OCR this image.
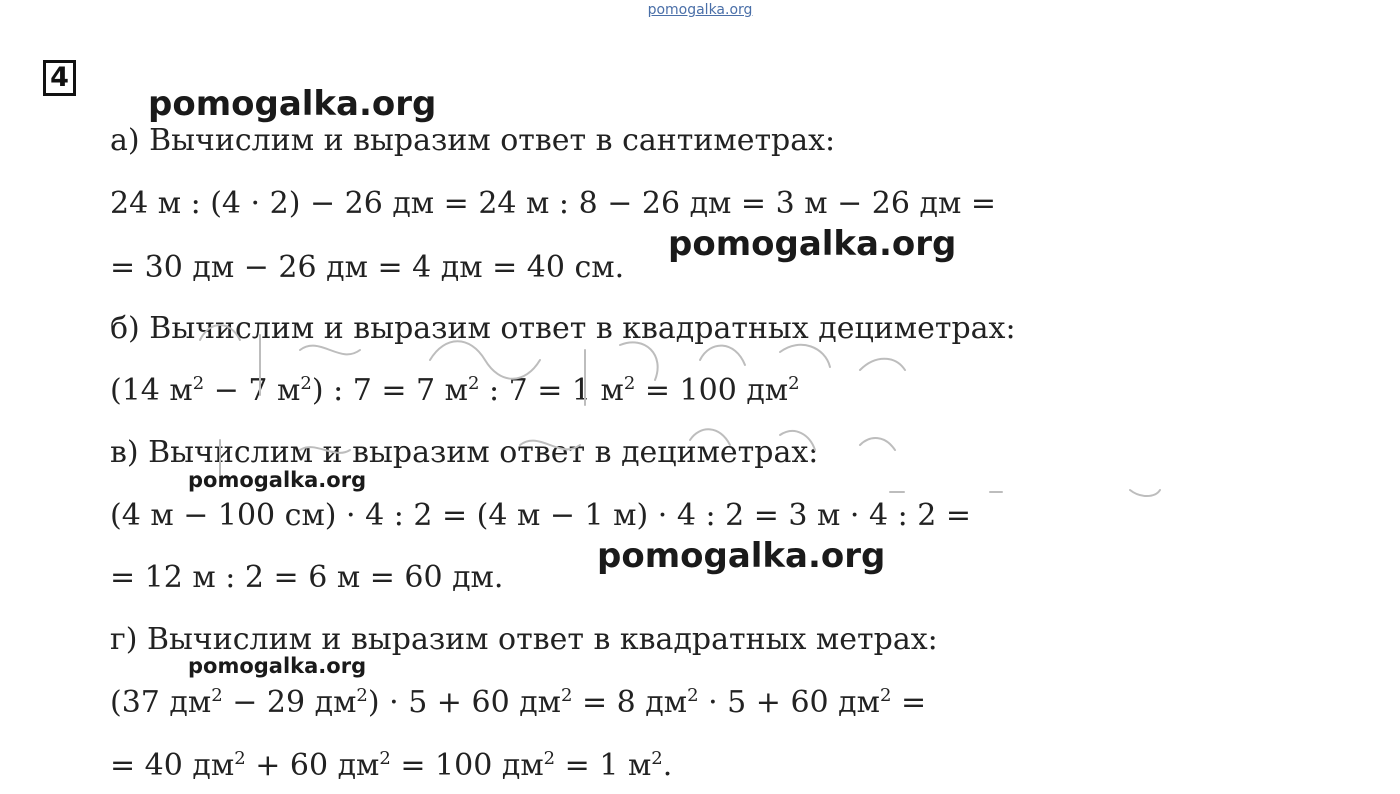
pomogalka.org
4
pomogalka.org
pomogalka.org
pomogalka.org
pomogalka.org
pomogalka.org
а) Вычислим и выразим ответ в сантиметрах:
24 м : (4 · 2) − 26 дм = 24 м : 8 − 26 дм = 3 м − 26 дм =
= 30 дм − 26 дм = 4 дм = 40 см.
б) Вычислим и выразим ответ в квадратных дециметрах:
(14 $м^2 - 7$ $м^2$) : 7 = 7 $м^2$ : 7 = 1 $м^2 = 100$ $дм^2$
в) Вычислим и выразим ответ в дециметрах:
(4 м − 100 см) · 4 : 2 = (4 м − 1 м) · 4 : 2 = 3 м · 4 : 2 =
= 12 м : 2 = 6 м = 60 дм.
г) Вычислим и выразим ответ в квадратных метрах:
(37 $дм^2 - 29$ $дм^2) \cdot 5 + 60$ $дм^2 = 8$ $дм^2 \cdot 5 + 60$ $дм^2$ =
= 40 $дм^2 + 60$ $дм^2 = 100$ $дм^2 = 1$ $м^2$.
